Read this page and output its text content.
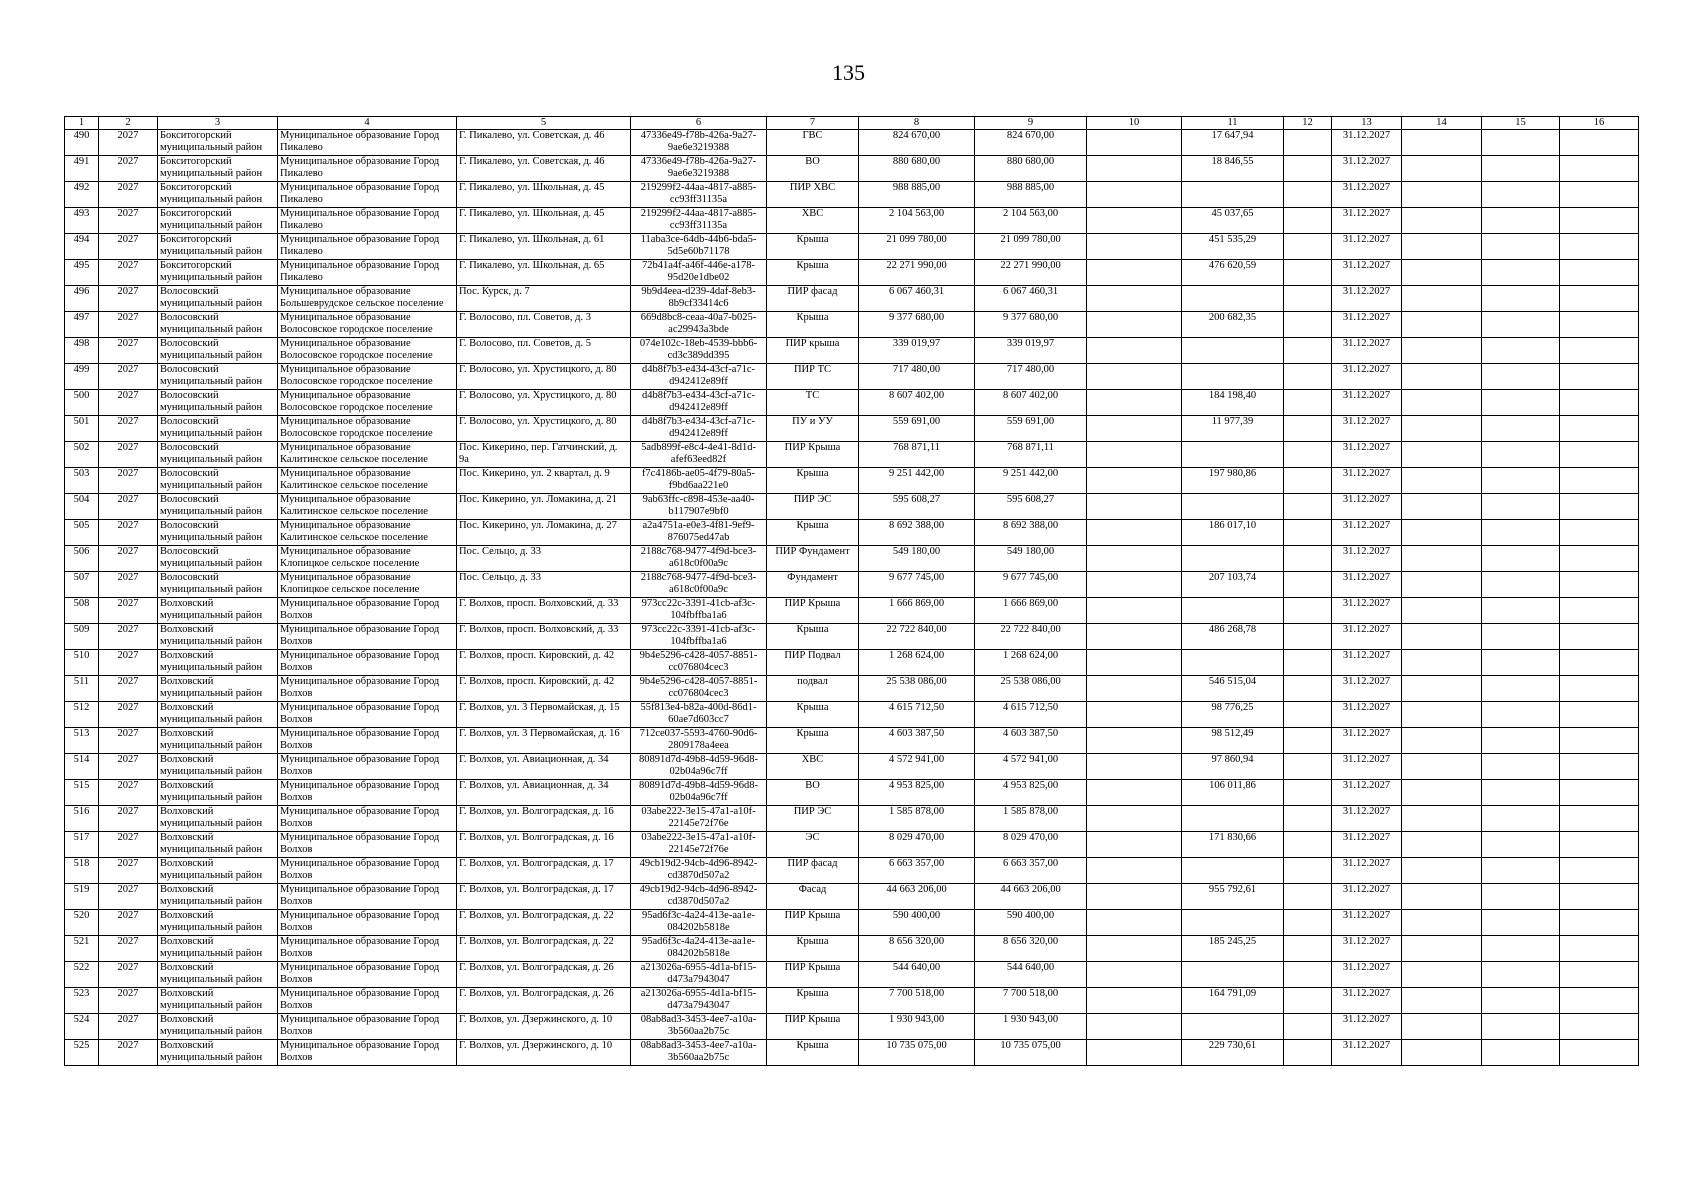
135
1	2	3	4	5	6	7	8	9	10	11	12	13	14	15	16
490	2027	Бокситогорский муниципальный район	Муниципальное образование Город Пикалево	Г. Пикалево, ул. Советская, д. 46	47336e49-f78b-426a-9a27-9ae6e3219388	ГВС	824 670,00	824 670,00		17 647,94		31.12.2027			
491	2027	Бокситогорский муниципальный район	Муниципальное образование Город Пикалево	Г. Пикалево, ул. Советская, д. 46	47336e49-f78b-426a-9a27-9ae6e3219388	ВО	880 680,00	880 680,00		18 846,55		31.12.2027			
492	2027	Бокситогорский муниципальный район	Муниципальное образование Город Пикалево	Г. Пикалево, ул. Школьная, д. 45	219299f2-44aa-4817-a885-cc93ff31135a	ПИР ХВС	988 885,00	988 885,00				31.12.2027			
493	2027	Бокситогорский муниципальный район	Муниципальное образование Город Пикалево	Г. Пикалево, ул. Школьная, д. 45	219299f2-44aa-4817-a885-cc93ff31135a	ХВС	2 104 563,00	2 104 563,00		45 037,65		31.12.2027			
494	2027	Бокситогорский муниципальный район	Муниципальное образование Город Пикалево	Г. Пикалево, ул. Школьная, д. 61	11aba3ce-64db-44b6-bda5-5d5e60b71178	Крыша	21 099 780,00	21 099 780,00		451 535,29		31.12.2027			
495	2027	Бокситогорский муниципальный район	Муниципальное образование Город Пикалево	Г. Пикалево, ул. Школьная, д. 65	72b41a4f-a46f-446e-a178-95d20e1dbe02	Крыша	22 271 990,00	22 271 990,00		476 620,59		31.12.2027			
496	2027	Волосовский муниципальный район	Муниципальное образование Большеврудское сельское поселение	Пос. Курск, д. 7	9b9d4eea-d239-4daf-8eb3-8b9cf33414c6	ПИР фасад	6 067 460,31	6 067 460,31				31.12.2027			
497	2027	Волосовский муниципальный район	Муниципальное образование Волосовское городское поселение	Г. Волосово, пл. Советов, д. 3	669d8bc8-ceaa-40a7-b025-ac29943a3bde	Крыша	9 377 680,00	9 377 680,00		200 682,35		31.12.2027			
498	2027	Волосовский муниципальный район	Муниципальное образование Волосовское городское поселение	Г. Волосово, пл. Советов, д. 5	074e102c-18eb-4539-bbb6-cd3c389dd395	ПИР крыша	339 019,97	339 019,97				31.12.2027			
499	2027	Волосовский муниципальный район	Муниципальное образование Волосовское городское поселение	Г. Волосово, ул. Хрустицкого, д. 80	d4b8f7b3-e434-43cf-a71c-d942412e89ff	ПИР ТС	717 480,00	717 480,00				31.12.2027			
500	2027	Волосовский муниципальный район	Муниципальное образование Волосовское городское поселение	Г. Волосово, ул. Хрустицкого, д. 80	d4b8f7b3-e434-43cf-a71c-d942412e89ff	ТС	8 607 402,00	8 607 402,00		184 198,40		31.12.2027			
501	2027	Волосовский муниципальный район	Муниципальное образование Волосовское городское поселение	Г. Волосово, ул. Хрустицкого, д. 80	d4b8f7b3-e434-43cf-a71c-d942412e89ff	ПУ и УУ	559 691,00	559 691,00		11 977,39		31.12.2027			
502	2027	Волосовский муниципальный район	Муниципальное образование Калитинское сельское поселение	Пос. Кикерино, пер. Гатчинский, д. 9а	5adb899f-e8c4-4e41-8d1d-afef63eed82f	ПИР Крыша	768 871,11	768 871,11				31.12.2027			
503	2027	Волосовский муниципальный район	Муниципальное образование Калитинское сельское поселение	Пос. Кикерино, ул. 2 квартал, д. 9	f7c4186b-ae05-4f79-80a5-f9bd6aa221e0	Крыша	9 251 442,00	9 251 442,00		197 980,86		31.12.2027			
504	2027	Волосовский муниципальный район	Муниципальное образование Калитинское сельское поселение	Пос. Кикерино, ул. Ломакина, д. 21	9ab63ffc-c898-453e-aa40-b117907e9bf0	ПИР ЭС	595 608,27	595 608,27				31.12.2027			
505	2027	Волосовский муниципальный район	Муниципальное образование Калитинское сельское поселение	Пос. Кикерино, ул. Ломакина, д. 27	a2a4751a-e0e3-4f81-9ef9-876075ed47ab	Крыша	8 692 388,00	8 692 388,00		186 017,10		31.12.2027			
506	2027	Волосовский муниципальный район	Муниципальное образование Клопицкое сельское поселение	Пос. Сельцо, д. 33	2188c768-9477-4f9d-bce3-a618c0f00a9c	ПИР Фундамент	549 180,00	549 180,00				31.12.2027			
507	2027	Волосовский муниципальный район	Муниципальное образование Клопицкое сельское поселение	Пос. Сельцо, д. 33	2188c768-9477-4f9d-bce3-a618c0f00a9c	Фундамент	9 677 745,00	9 677 745,00		207 103,74		31.12.2027			
508	2027	Волховский муниципальный район	Муниципальное образование Город Волхов	Г. Волхов, просп. Волховский, д. 33	973cc22c-3391-41cb-af3c-104fbffba1a6	ПИР Крыша	1 666 869,00	1 666 869,00				31.12.2027			
509	2027	Волховский муниципальный район	Муниципальное образование Город Волхов	Г. Волхов, просп. Волховский, д. 33	973cc22c-3391-41cb-af3c-104fbffba1a6	Крыша	22 722 840,00	22 722 840,00		486 268,78		31.12.2027			
510	2027	Волховский муниципальный район	Муниципальное образование Город Волхов	Г. Волхов, просп. Кировский, д. 42	9b4e5296-c428-4057-8851-cc076804cec3	ПИР Подвал	1 268 624,00	1 268 624,00				31.12.2027			
511	2027	Волховский муниципальный район	Муниципальное образование Город Волхов	Г. Волхов, просп. Кировский, д. 42	9b4e5296-c428-4057-8851-cc076804cec3	подвал	25 538 086,00	25 538 086,00		546 515,04		31.12.2027			
512	2027	Волховский муниципальный район	Муниципальное образование Город Волхов	Г. Волхов, ул. 3 Первомайская, д. 15	55f813e4-b82a-400d-86d1-60ae7d603cc7	Крыша	4 615 712,50	4 615 712,50		98 776,25		31.12.2027			
513	2027	Волховский муниципальный район	Муниципальное образование Город Волхов	Г. Волхов, ул. 3 Первомайская, д. 16	712ce037-5593-4760-90d6-2809178a4eea	Крыша	4 603 387,50	4 603 387,50		98 512,49		31.12.2027			
514	2027	Волховский муниципальный район	Муниципальное образование Город Волхов	Г. Волхов, ул. Авиационная, д. 34	80891d7d-49b8-4d59-96d8-02b04a96c7ff	ХВС	4 572 941,00	4 572 941,00		97 860,94		31.12.2027			
515	2027	Волховский муниципальный район	Муниципальное образование Город Волхов	Г. Волхов, ул. Авиационная, д. 34	80891d7d-49b8-4d59-96d8-02b04a96c7ff	ВО	4 953 825,00	4 953 825,00		106 011,86		31.12.2027			
516	2027	Волховский муниципальный район	Муниципальное образование Город Волхов	Г. Волхов, ул. Волгоградская, д. 16	03abe222-3e15-47a1-a10f-22145e72f76e	ПИР ЭС	1 585 878,00	1 585 878,00				31.12.2027			
517	2027	Волховский муниципальный район	Муниципальное образование Город Волхов	Г. Волхов, ул. Волгоградская, д. 16	03abe222-3e15-47a1-a10f-22145e72f76e	ЭС	8 029 470,00	8 029 470,00		171 830,66		31.12.2027			
518	2027	Волховский муниципальный район	Муниципальное образование Город Волхов	Г. Волхов, ул. Волгоградская, д. 17	49cb19d2-94cb-4d96-8942-cd3870d507a2	ПИР фасад	6 663 357,00	6 663 357,00				31.12.2027			
519	2027	Волховский муниципальный район	Муниципальное образование Город Волхов	Г. Волхов, ул. Волгоградская, д. 17	49cb19d2-94cb-4d96-8942-cd3870d507a2	Фасад	44 663 206,00	44 663 206,00		955 792,61		31.12.2027			
520	2027	Волховский муниципальный район	Муниципальное образование Город Волхов	Г. Волхов, ул. Волгоградская, д. 22	95ad6f3c-4a24-413e-aa1e-084202b5818e	ПИР Крыша	590 400,00	590 400,00				31.12.2027			
521	2027	Волховский муниципальный район	Муниципальное образование Город Волхов	Г. Волхов, ул. Волгоградская, д. 22	95ad6f3c-4a24-413e-aa1e-084202b5818e	Крыша	8 656 320,00	8 656 320,00		185 245,25		31.12.2027			
522	2027	Волховский муниципальный район	Муниципальное образование Город Волхов	Г. Волхов, ул. Волгоградская, д. 26	a213026a-6955-4d1a-bf15-d473a7943047	ПИР Крыша	544 640,00	544 640,00				31.12.2027			
523	2027	Волховский муниципальный район	Муниципальное образование Город Волхов	Г. Волхов, ул. Волгоградская, д. 26	a213026a-6955-4d1a-bf15-d473a7943047	Крыша	7 700 518,00	7 700 518,00		164 791,09		31.12.2027			
524	2027	Волховский муниципальный район	Муниципальное образование Город Волхов	Г. Волхов, ул. Дзержинского, д. 10	08ab8ad3-3453-4ee7-a10a-3b560aa2b75c	ПИР Крыша	1 930 943,00	1 930 943,00				31.12.2027			
525	2027	Волховский муниципальный район	Муниципальное образование Город Волхов	Г. Волхов, ул. Дзержинского, д. 10	08ab8ad3-3453-4ee7-a10a-3b560aa2b75c	Крыша	10 735 075,00	10 735 075,00		229 730,61		31.12.2027			
